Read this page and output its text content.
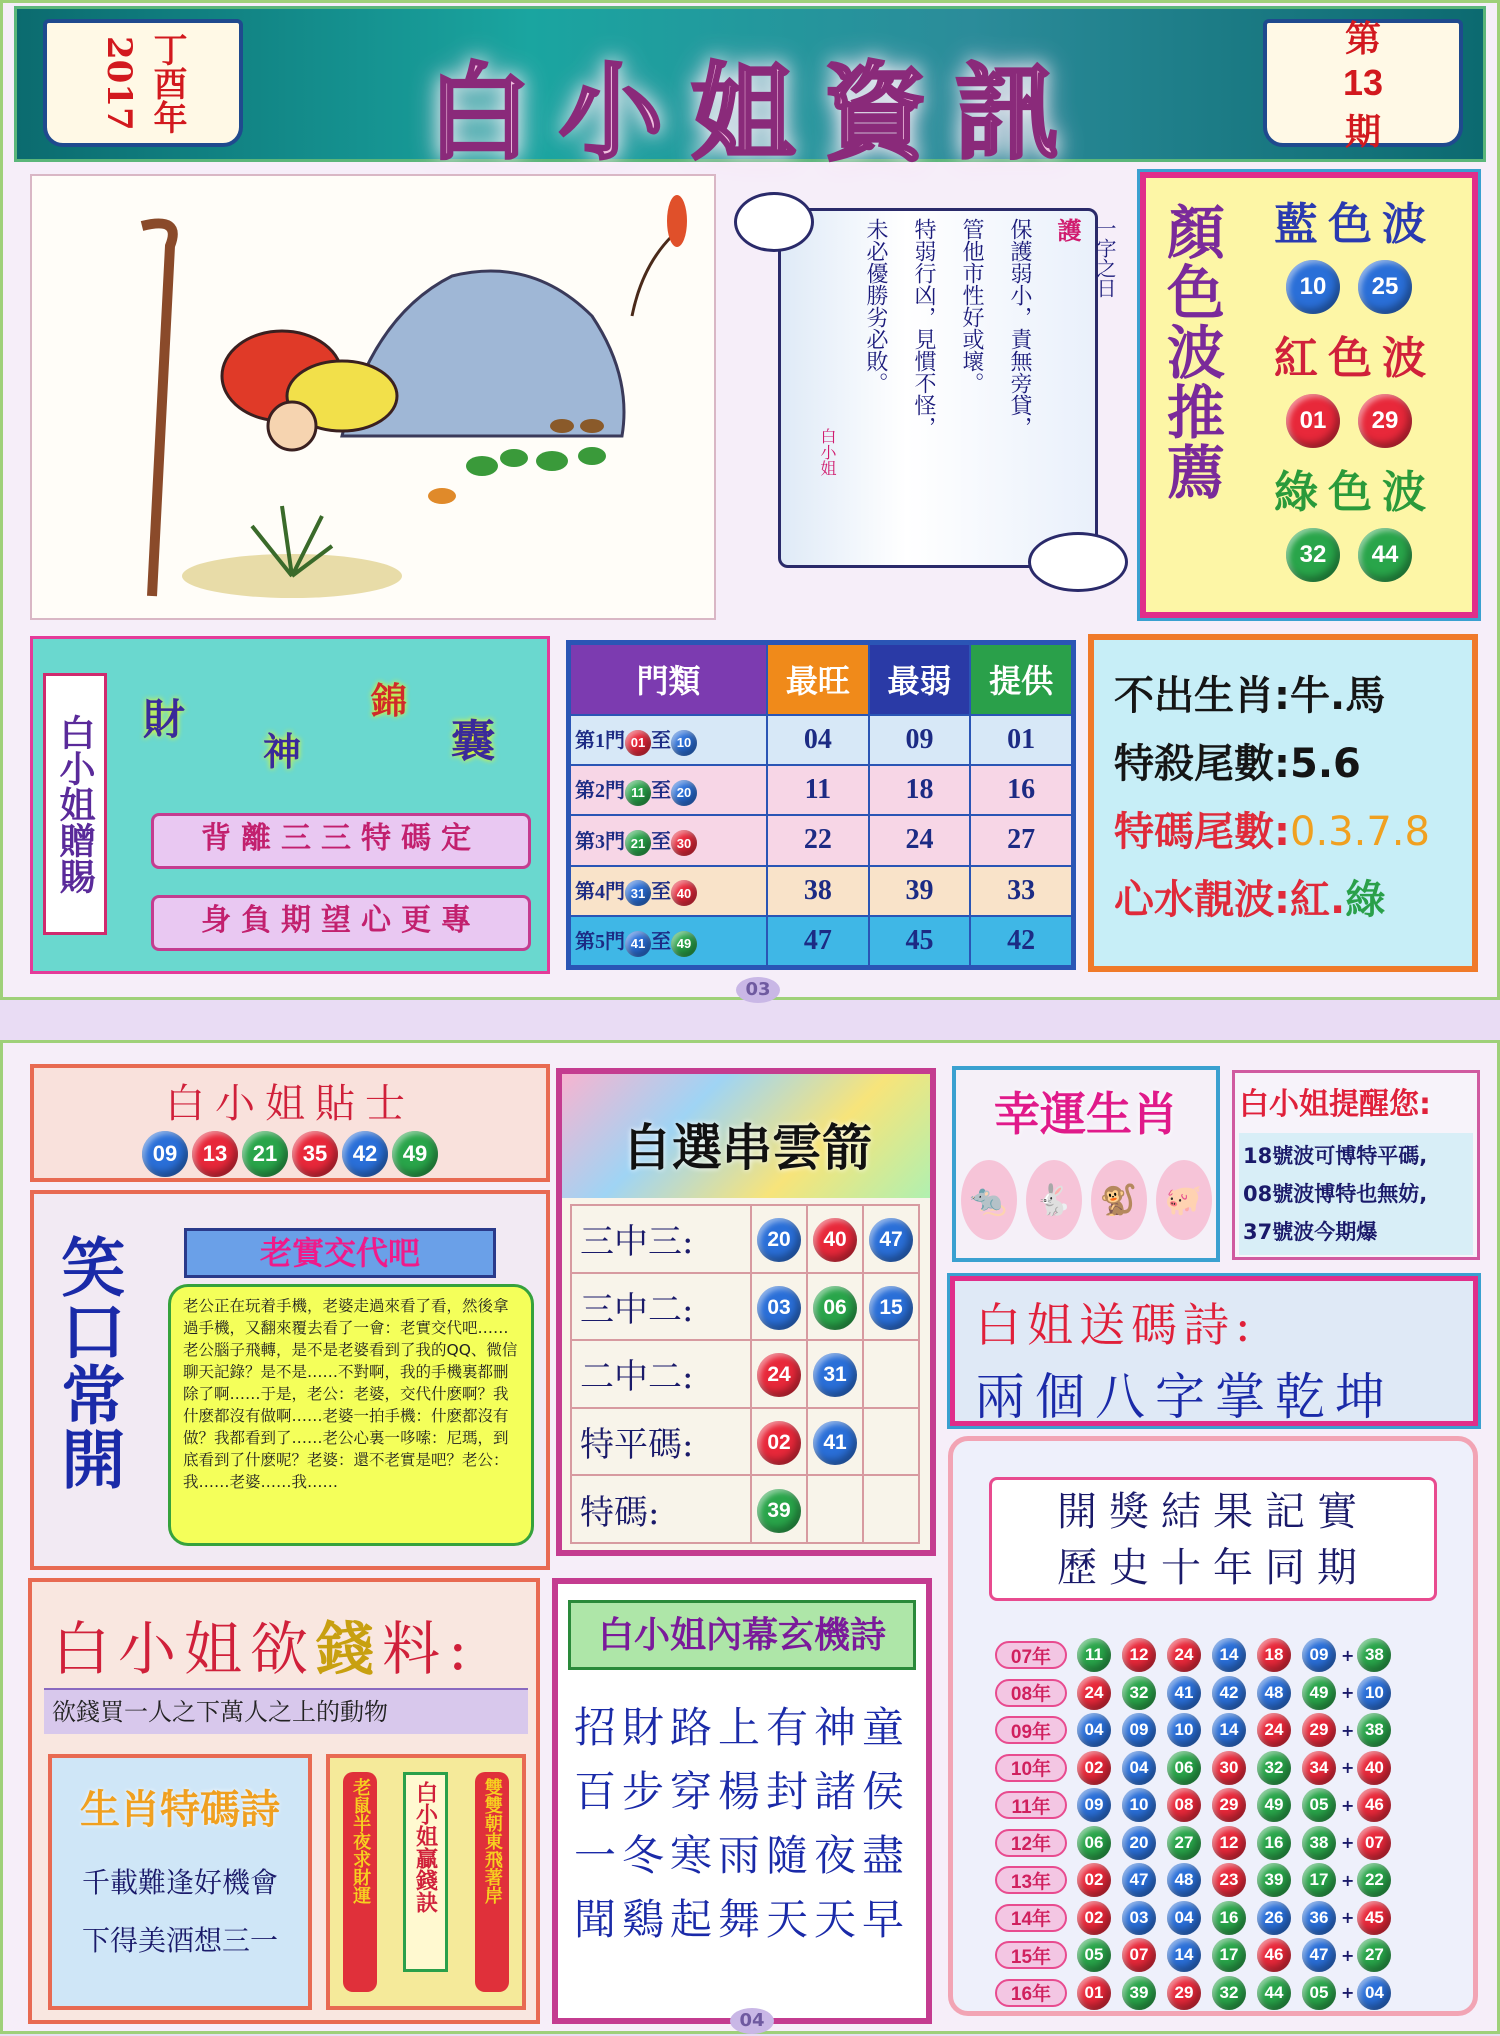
2017 丁酉年	白小姐資訊
第
13
期
一字之日
護
保護弱小，責無旁貸，
管他市性好或壞。
特弱行凶，見慣不怪，
未必優勝劣必敗。
白小姐	顏色波推薦 藍色波
10	25
紅色波
01	29
綠色波
32	44
白小姐贈賜 財
神
錦
囊
背離三三特碼定
身負期望心更專
門類	最旺	最弱	提供
第1門 01 至 10	04	09	01
第2門 11 至 20	11	18	16
第3門 21 至 30	22	24	27
第4門 31 至 40	38	39	33
第5門 41 至 49	47	45	42
不出生肖:牛.馬
特殺尾數:5.6
特碼尾數:0.3.7.8
心水靚波:紅.綠
03
白小姐貼士
09	13	21	35	42	49
笑口常開	老實交代吧
老公正在玩着手機，老婆走過來看了看，然後拿過手機，又翻來覆去看了一會：老實交代吧……老公腦子飛轉，是不是老婆看到了我的QQ、微信聊天記錄？是不是……不對啊，我的手機裏都刪除了啊……于是，老公：老婆，交代什麽啊？我什麽都沒有做啊……老婆一拍手機：什麽都沒有做？我都看到了……老公心裏一哆嗦：尼瑪，到底看到了什麽呢？老婆：還不老實是吧？老公：我……老婆……我……
自選串雲箭
三中三:	20	40	47
三中二:	03	06	15
二中二:	24	31	
特平碼:	02	41	
特碼:	39		
幸運生肖
🐀 🐇 🐒 🐖
白小姐提醒您:
18號波可博特平碼,
08號波博特也無妨,
37號波今期爆
白姐送碼詩:
兩個八字掌乾坤
開獎結果記實
歷史十年同期
07年	11	12	24	14	18	09 + 38
08年	24	32	41	42	48	49 + 10
09年	04	09	10	14	24	29 + 38
10年	02	04	06	30	32	34 + 40
11年	09	10	08	29	49	05 + 46
12年	06	20	27	12	16	38 + 07
13年	02	47	48	23	39	17 + 22
14年	02	03	04	16	26	36 + 45
15年	05	07	14	17	46	47 + 27
16年	01	39	29	32	44	05 + 04
白小姐欲錢料:
欲錢買一人之下萬人之上的動物
生肖特碼詩
千載難逢好機會
下得美酒想三一
老鼠半夜求財運	白小姐贏錢訣	雙雙朝東飛著岸
白小姐內幕玄機詩
招財路上有神童
百步穿楊封諸侯
一冬寒雨隨夜盡
聞鷄起舞天天早
04
